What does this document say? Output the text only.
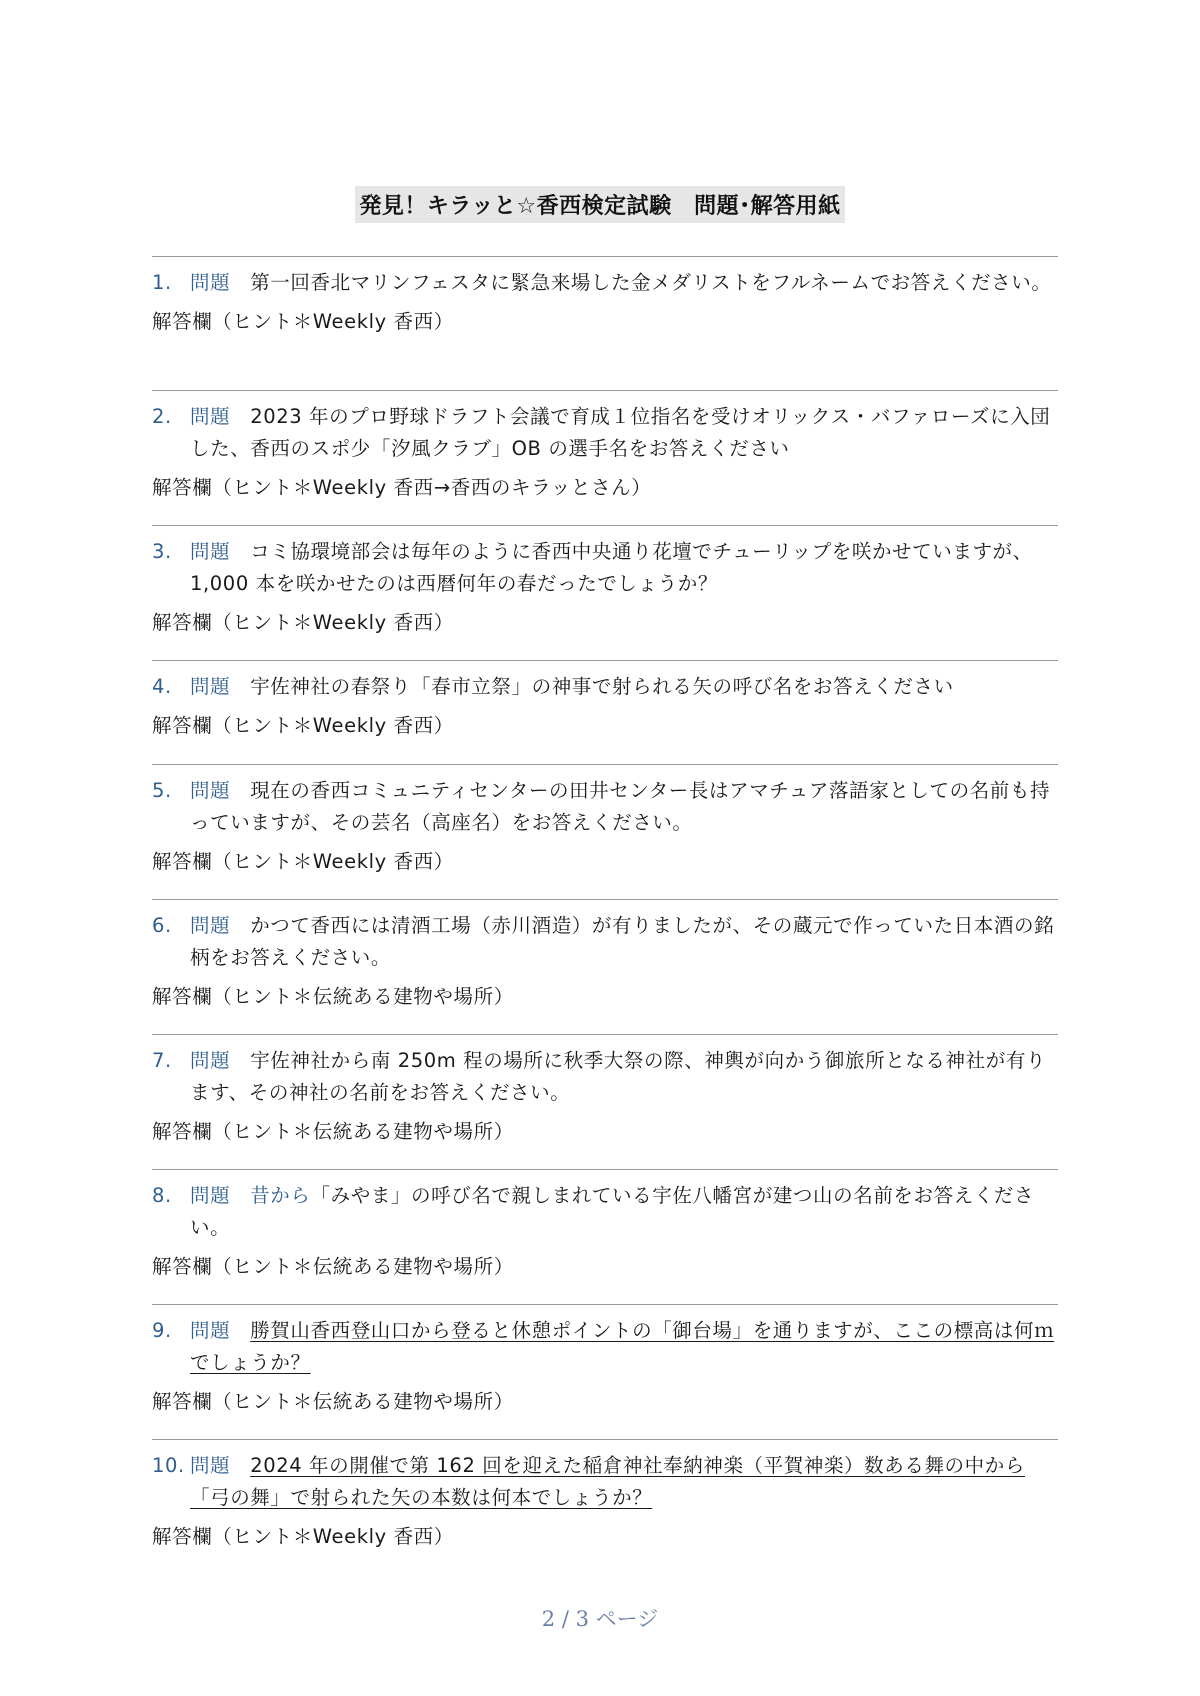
発見！キラッと☆香西検定試験　問題･解答用紙
1. 問題 第一回香北マリンフェスタに緊急来場した金メダリストをフルネームでお答えください。
解答欄（ヒント＊Weekly 香西）
2. 問題 2023 年のプロ野球ドラフト会議で育成１位指名を受けオリックス・バファローズに入団した、香西のスポ少「汐風クラブ」OB の選手名をお答えください
解答欄（ヒント＊Weekly 香西→香西のキラッとさん）
3. 問題 コミ協環境部会は毎年のように香西中央通り花壇でチューリップを咲かせていますが、1,000 本を咲かせたのは西暦何年の春だったでしょうか？
解答欄（ヒント＊Weekly 香西）
4. 問題 宇佐神社の春祭り「春市立祭」の神事で射られる矢の呼び名をお答えください
解答欄（ヒント＊Weekly 香西）
5. 問題 現在の香西コミュニティセンターの田井センター長はアマチュア落語家としての名前も持っていますが、その芸名（高座名）をお答えください。
解答欄（ヒント＊Weekly 香西）
6. 問題 かつて香西には清酒工場（赤川酒造）が有りましたが、その蔵元で作っていた日本酒の銘柄をお答えください。
解答欄（ヒント＊伝統ある建物や場所）
7. 問題 宇佐神社から南 250m 程の場所に秋季大祭の際、神輿が向かう御旅所となる神社が有ります、その神社の名前をお答えください。
解答欄（ヒント＊伝統ある建物や場所）
8. 問題 昔から「みやま」の呼び名で親しまれている宇佐八幡宮が建つ山の名前をお答えください。
解答欄（ヒント＊伝統ある建物や場所）
9. 問題 勝賀山香西登山口から登ると休憩ポイントの「御台場」を通りますが、ここの標高は何ｍでしょうか？
解答欄（ヒント＊伝統ある建物や場所）
10. 問題 2024 年の開催で第 162 回を迎えた稲倉神社奉納神楽（平賀神楽）数ある舞の中から「弓の舞」で射られた矢の本数は何本でしょうか？
解答欄（ヒント＊Weekly 香西）
2 / 3 ページ
